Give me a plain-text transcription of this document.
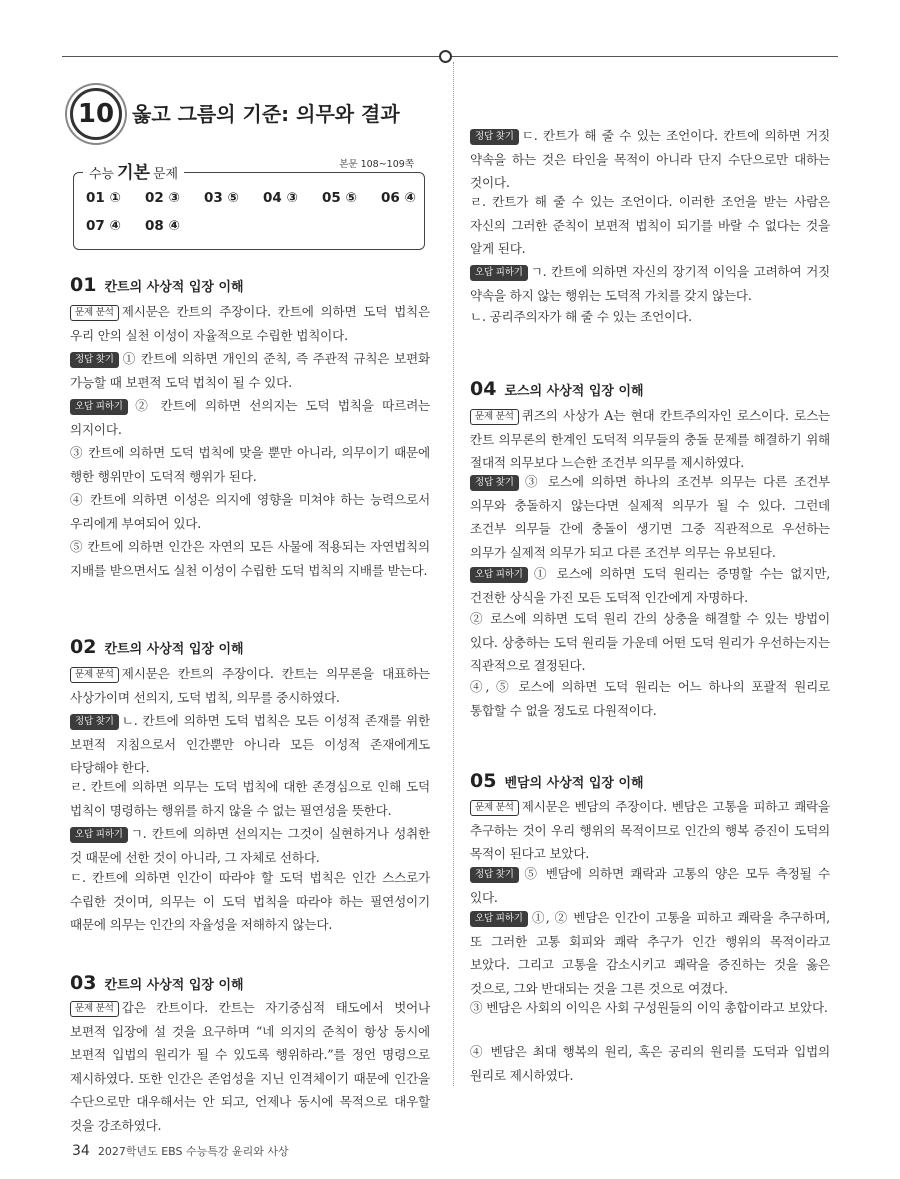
10 옳고 그름의 기준: 의무와 결과
수능 기본 문제
본문 108~109쪽
01 ① 02 ③ 03 ⑤ 04 ③ 05 ⑤ 06 ④
07 ④ 08 ④
01 칸트의 사상적 입장 이해

문제 분석 제시문은 칸트의 주장이다. 칸트에 의하면 도덕 법칙은 우리 안의 실천 이성이 자율적으로 수립한 법칙이다.

정답 찾기 ① 칸트에 의하면 개인의 준칙, 즉 주관적 규칙은 보편화 가능할 때 보편적 도덕 법칙이 될 수 있다.

오답 피하기 ② 칸트에 의하면 선의지는 도덕 법칙을 따르려는 의지이다.

③ 칸트에 의하면 도덕 법칙에 맞을 뿐만 아니라, 의무이기 때문에 행한 행위만이 도덕적 행위가 된다.

④ 칸트에 의하면 이성은 의지에 영향을 미쳐야 하는 능력으로서 우리에게 부여되어 있다.

⑤ 칸트에 의하면 인간은 자연의 모든 사물에 적용되는 자연법칙의 지배를 받으면서도 실천 이성이 수립한 도덕 법칙의 지배를 받는다.

02 칸트의 사상적 입장 이해

문제 분석 제시문은 칸트의 주장이다. 칸트는 의무론을 대표하는 사상가이며 선의지, 도덕 법칙, 의무를 중시하였다.

정답 찾기 ㄴ. 칸트에 의하면 도덕 법칙은 모든 이성적 존재를 위한 보편적 지침으로서 인간뿐만 아니라 모든 이성적 존재에게도 타당해야 한다.

ㄹ. 칸트에 의하면 의무는 도덕 법칙에 대한 존경심으로 인해 도덕 법칙이 명령하는 행위를 하지 않을 수 없는 필연성을 뜻한다.

오답 피하기 ㄱ. 칸트에 의하면 선의지는 그것이 실현하거나 성취한 것 때문에 선한 것이 아니라, 그 자체로 선하다.

ㄷ. 칸트에 의하면 인간이 따라야 할 도덕 법칙은 인간 스스로가 수립한 것이며, 의무는 이 도덕 법칙을 따라야 하는 필연성이기 때문에 의무는 인간의 자율성을 저해하지 않는다.

03 칸트의 사상적 입장 이해

문제 분석 갑은 칸트이다. 칸트는 자기중심적 태도에서 벗어나 보편적 입장에 설 것을 요구하며 “네 의지의 준칙이 항상 동시에 보편적 입법의 원리가 될 수 있도록 행위하라.”를 정언 명령으로 제시하였다. 또한 인간은 존엄성을 지닌 인격체이기 때문에 인간을 수단으로만 대우해서는 안 되고, 언제나 동시에 목적으로 대우할 것을 강조하였다.

정답 찾기 ㄷ. 칸트가 해 줄 수 있는 조언이다. 칸트에 의하면 거짓 약속을 하는 것은 타인을 목적이 아니라 단지 수단으로만 대하는 것이다.

ㄹ. 칸트가 해 줄 수 있는 조언이다. 이러한 조언을 받는 사람은 자신의 그러한 준칙이 보편적 법칙이 되기를 바랄 수 없다는 것을 알게 된다.

오답 피하기 ㄱ. 칸트에 의하면 자신의 장기적 이익을 고려하여 거짓 약속을 하지 않는 행위는 도덕적 가치를 갖지 않는다.

ㄴ. 공리주의자가 해 줄 수 있는 조언이다.

04 로스의 사상적 입장 이해

문제 분석 퀴즈의 사상가 A는 현대 칸트주의자인 로스이다. 로스는 칸트 의무론의 한계인 도덕적 의무들의 충돌 문제를 해결하기 위해 절대적 의무보다 느슨한 조건부 의무를 제시하였다.

정답 찾기 ③ 로스에 의하면 하나의 조건부 의무는 다른 조건부 의무와 충돌하지 않는다면 실제적 의무가 될 수 있다. 그런데 조건부 의무들 간에 충돌이 생기면 그중 직관적으로 우선하는 의무가 실제적 의무가 되고 다른 조건부 의무는 유보된다.

오답 피하기 ① 로스에 의하면 도덕 원리는 증명할 수는 없지만, 건전한 상식을 가진 모든 도덕적 인간에게 자명하다.

② 로스에 의하면 도덕 원리 간의 상충을 해결할 수 있는 방법이 있다. 상충하는 도덕 원리들 가운데 어떤 도덕 원리가 우선하는지는 직관적으로 결정된다.

④, ⑤ 로스에 의하면 도덕 원리는 어느 하나의 포괄적 원리로 통합할 수 없을 정도로 다원적이다.

05 벤담의 사상적 입장 이해

문제 분석 제시문은 벤담의 주장이다. 벤담은 고통을 피하고 쾌락을 추구하는 것이 우리 행위의 목적이므로 인간의 행복 증진이 도덕의 목적이 된다고 보았다.

정답 찾기 ⑤ 벤담에 의하면 쾌락과 고통의 양은 모두 측정될 수 있다.

오답 피하기 ①, ② 벤담은 인간이 고통을 피하고 쾌락을 추구하며, 또 그러한 고통 회피와 쾌락 추구가 인간 행위의 목적이라고 보았다. 그리고 고통을 감소시키고 쾌락을 증진하는 것을 옳은 것으로, 그와 반대되는 것을 그른 것으로 여겼다.

③ 벤담은 사회의 이익은 사회 구성원들의 이익 총합이라고 보았다.

④ 벤담은 최대 행복의 원리, 혹은 공리의 원리를 도덕과 입법의 원리로 제시하였다.

34 2027학년도 EBS 수능특강 윤리와 사상
